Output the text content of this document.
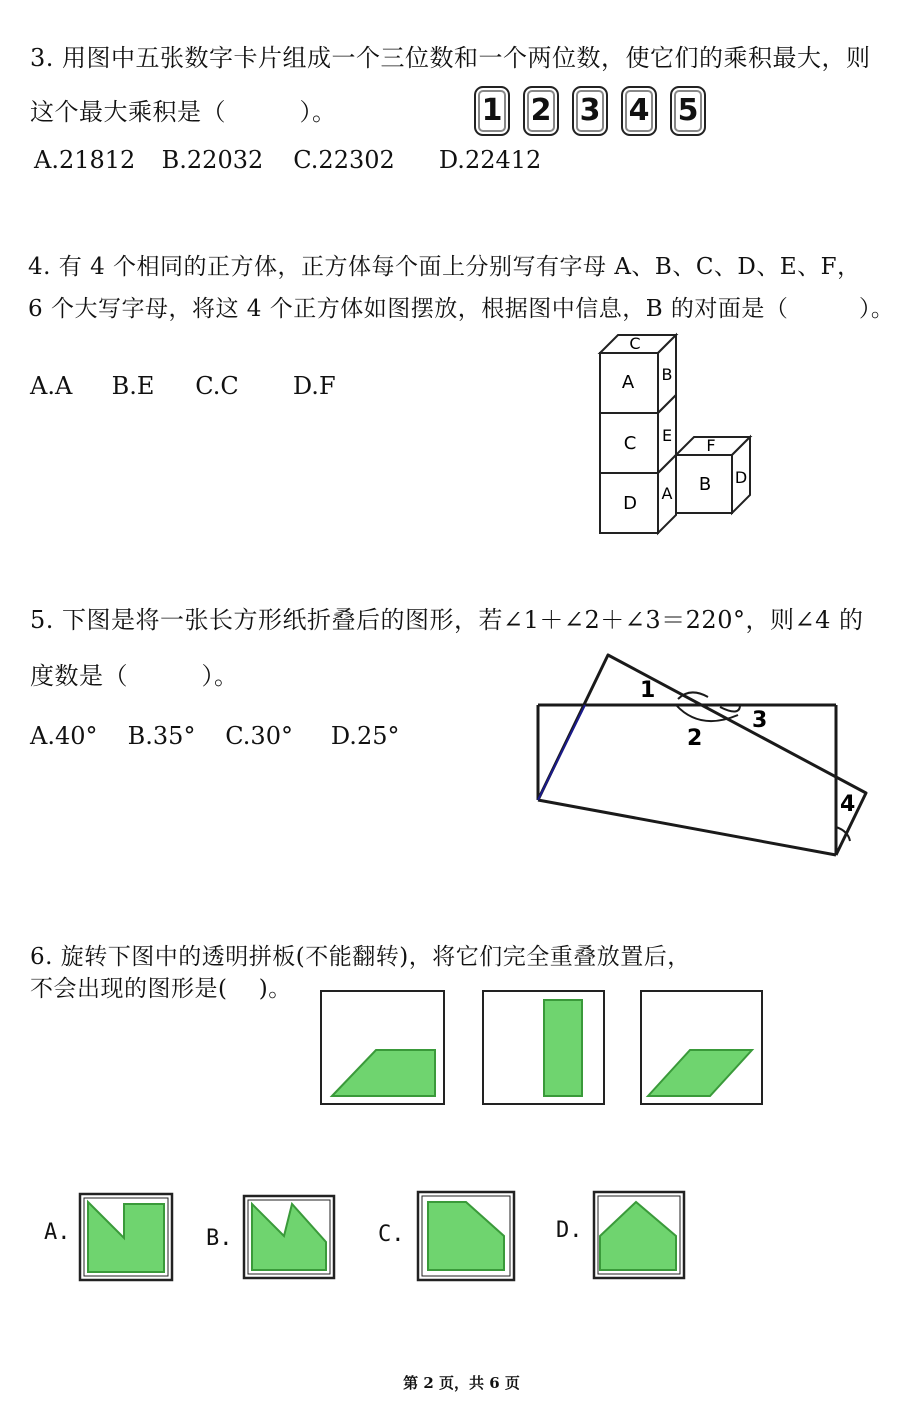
3. 用图中五张数字卡片组成一个三位数和一个两位数，使它们的乘积最大，则
这个最大乘积是（　　　）。	1 2 3 4 5
A.21812 B.22032 C.22302 D.22412
4. 有 4 个相同的正方体，正方体每个面上分别写有字母 A、B、C、D、E、F，
6 个大写字母，将这 4 个正方体如图摆放，根据图中信息，B 的对面是（　　　）。
A.A B.E C.C D.F
C
A B
C E
D A
F
B D
5. 下图是将一张长方形纸折叠后的图形，若∠1＋∠2＋∠3＝220°，则∠4 的
度数是（　　　）。
A.40° B.35° C.30° D.25°
1
2
3
4
6. 旋转下图中的透明拼板(不能翻转)，将它们完全重叠放置后，
不会出现的图形是(　 )。
A.	B.	C.	D.
第 2 页，共 6 页
